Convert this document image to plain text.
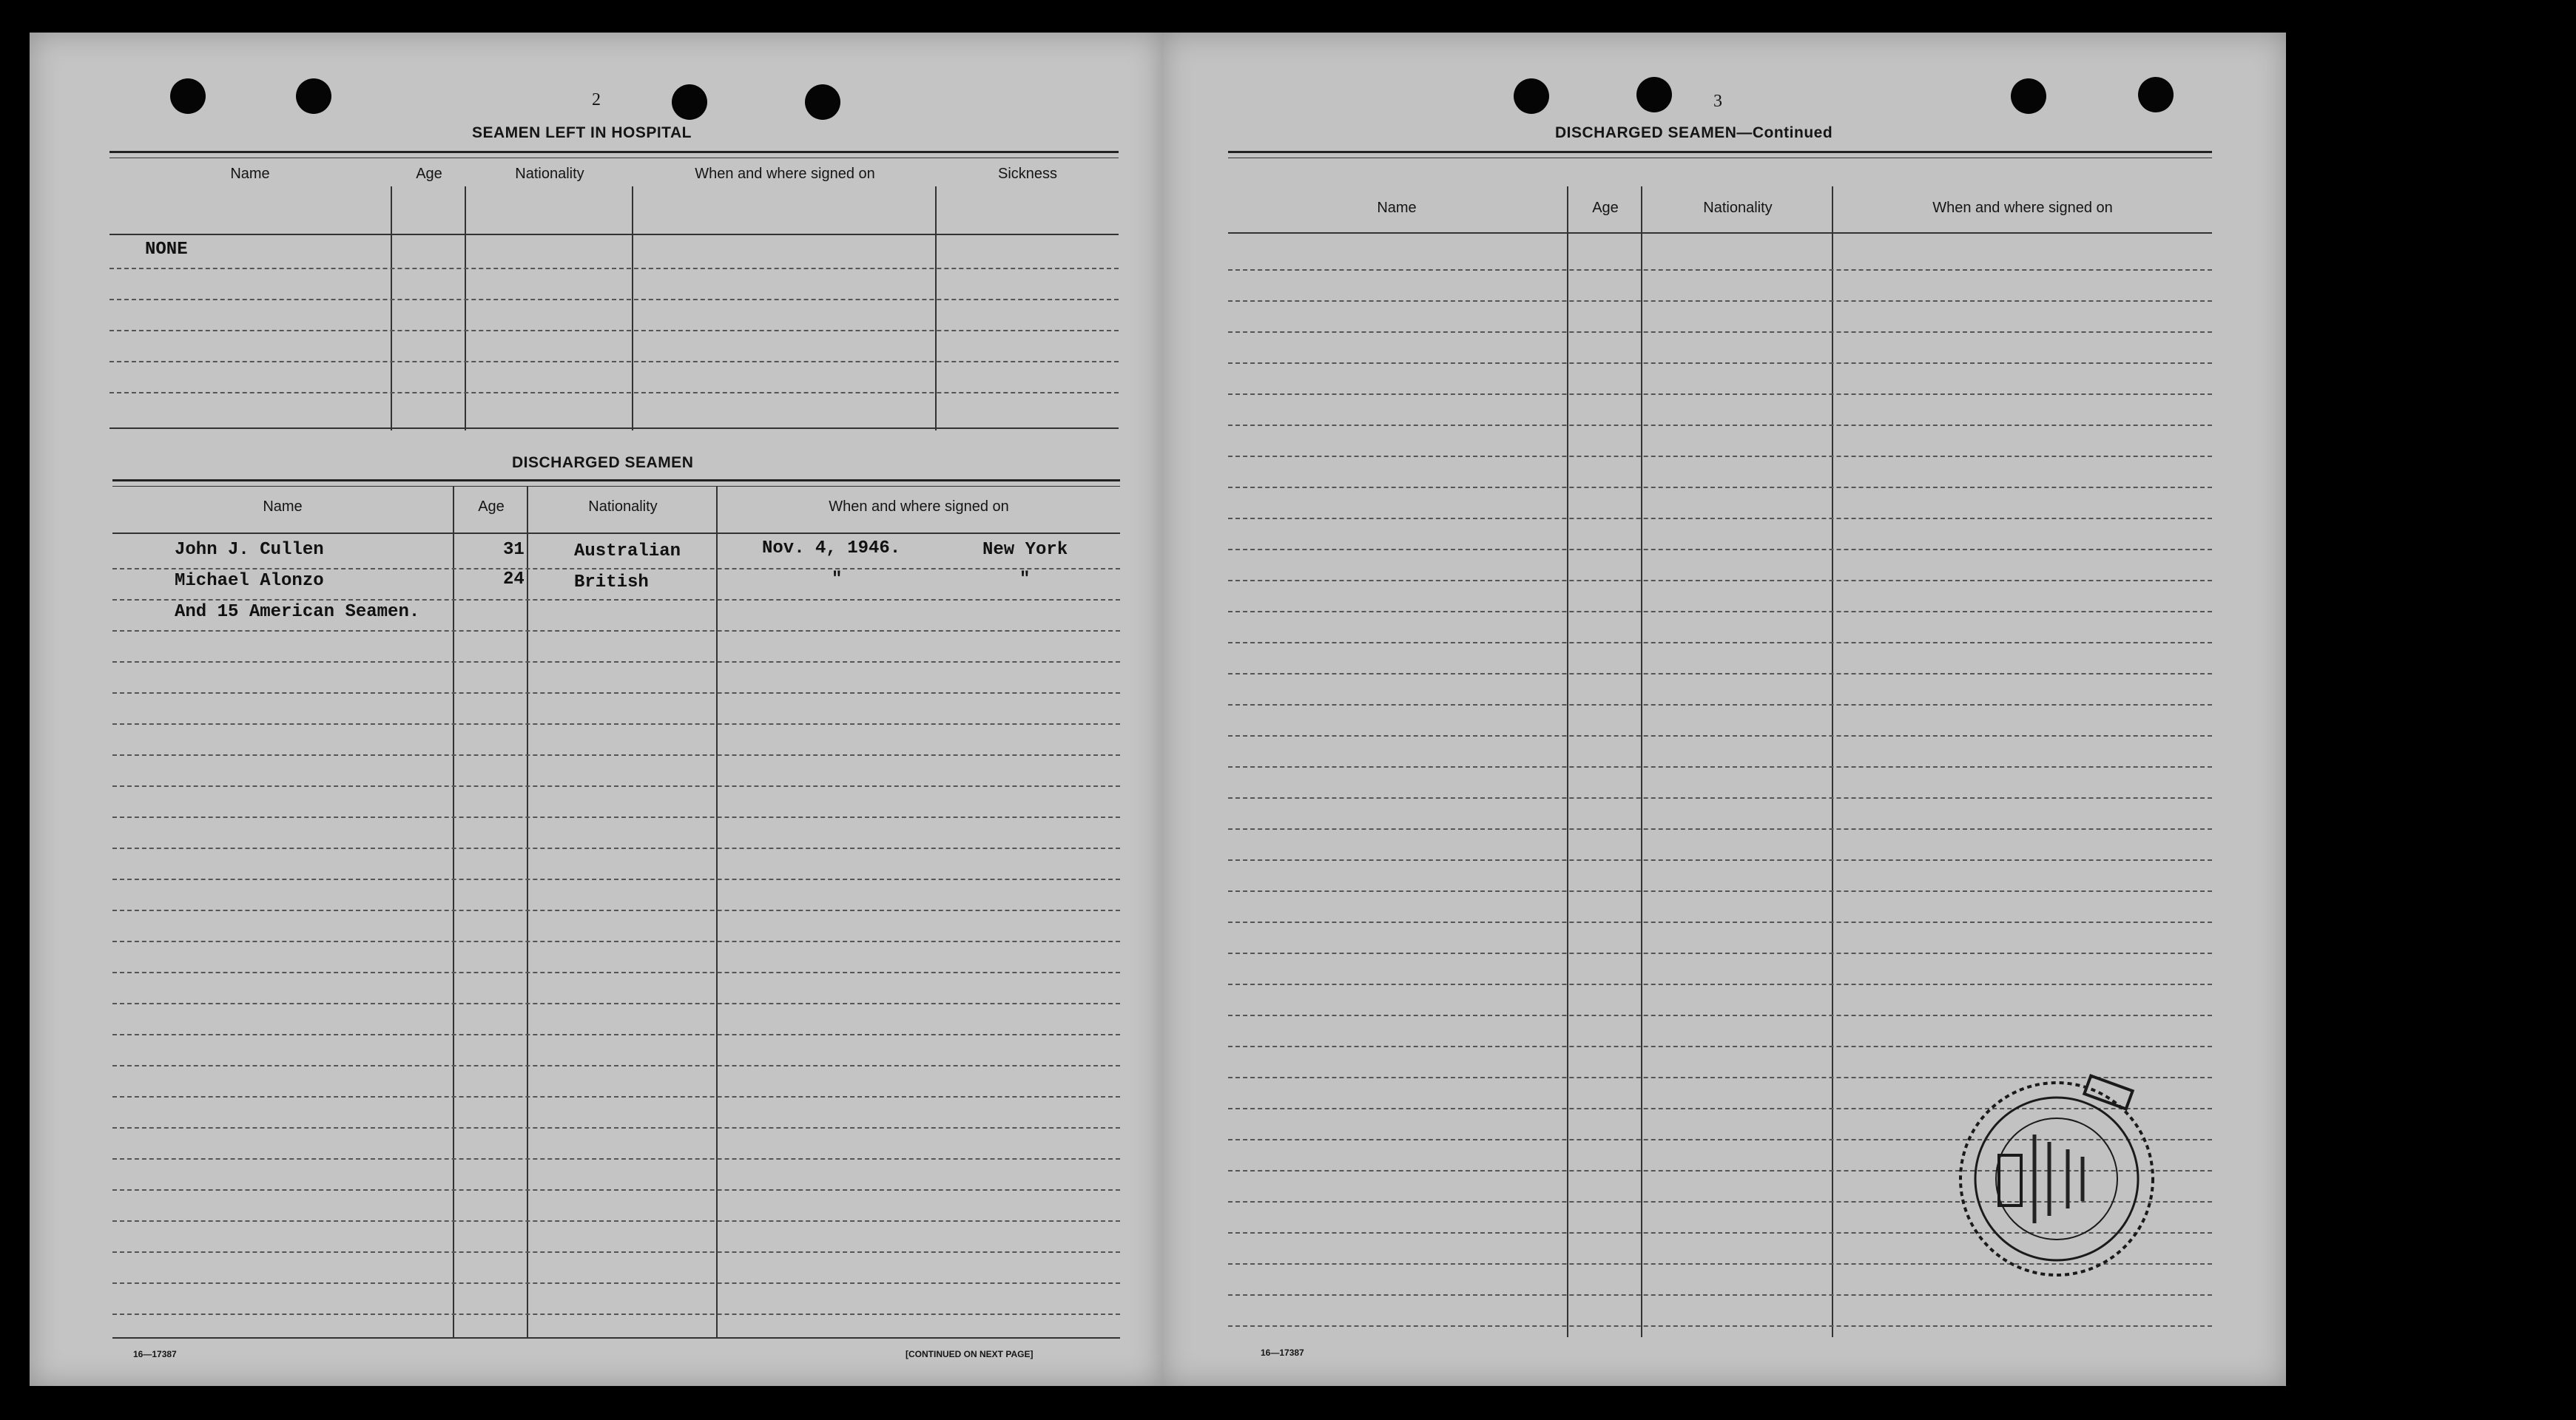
2
SEAMEN LEFT IN HOSPITAL
Name	Age	Nationality	When and where signed on	Sickness
NONE
DISCHARGED SEAMEN
Name	Age	Nationality	When and where signed on
John J. Cullen	31	Australian	Nov. 4, 1946.	New York
Michael Alonzo	24	British	"	"
And 15 American Seamen.
16—17387	[CONTINUED ON NEXT PAGE]
3
DISCHARGED SEAMEN—Continued
Name	Age	Nationality	When and where signed on
16—17387
